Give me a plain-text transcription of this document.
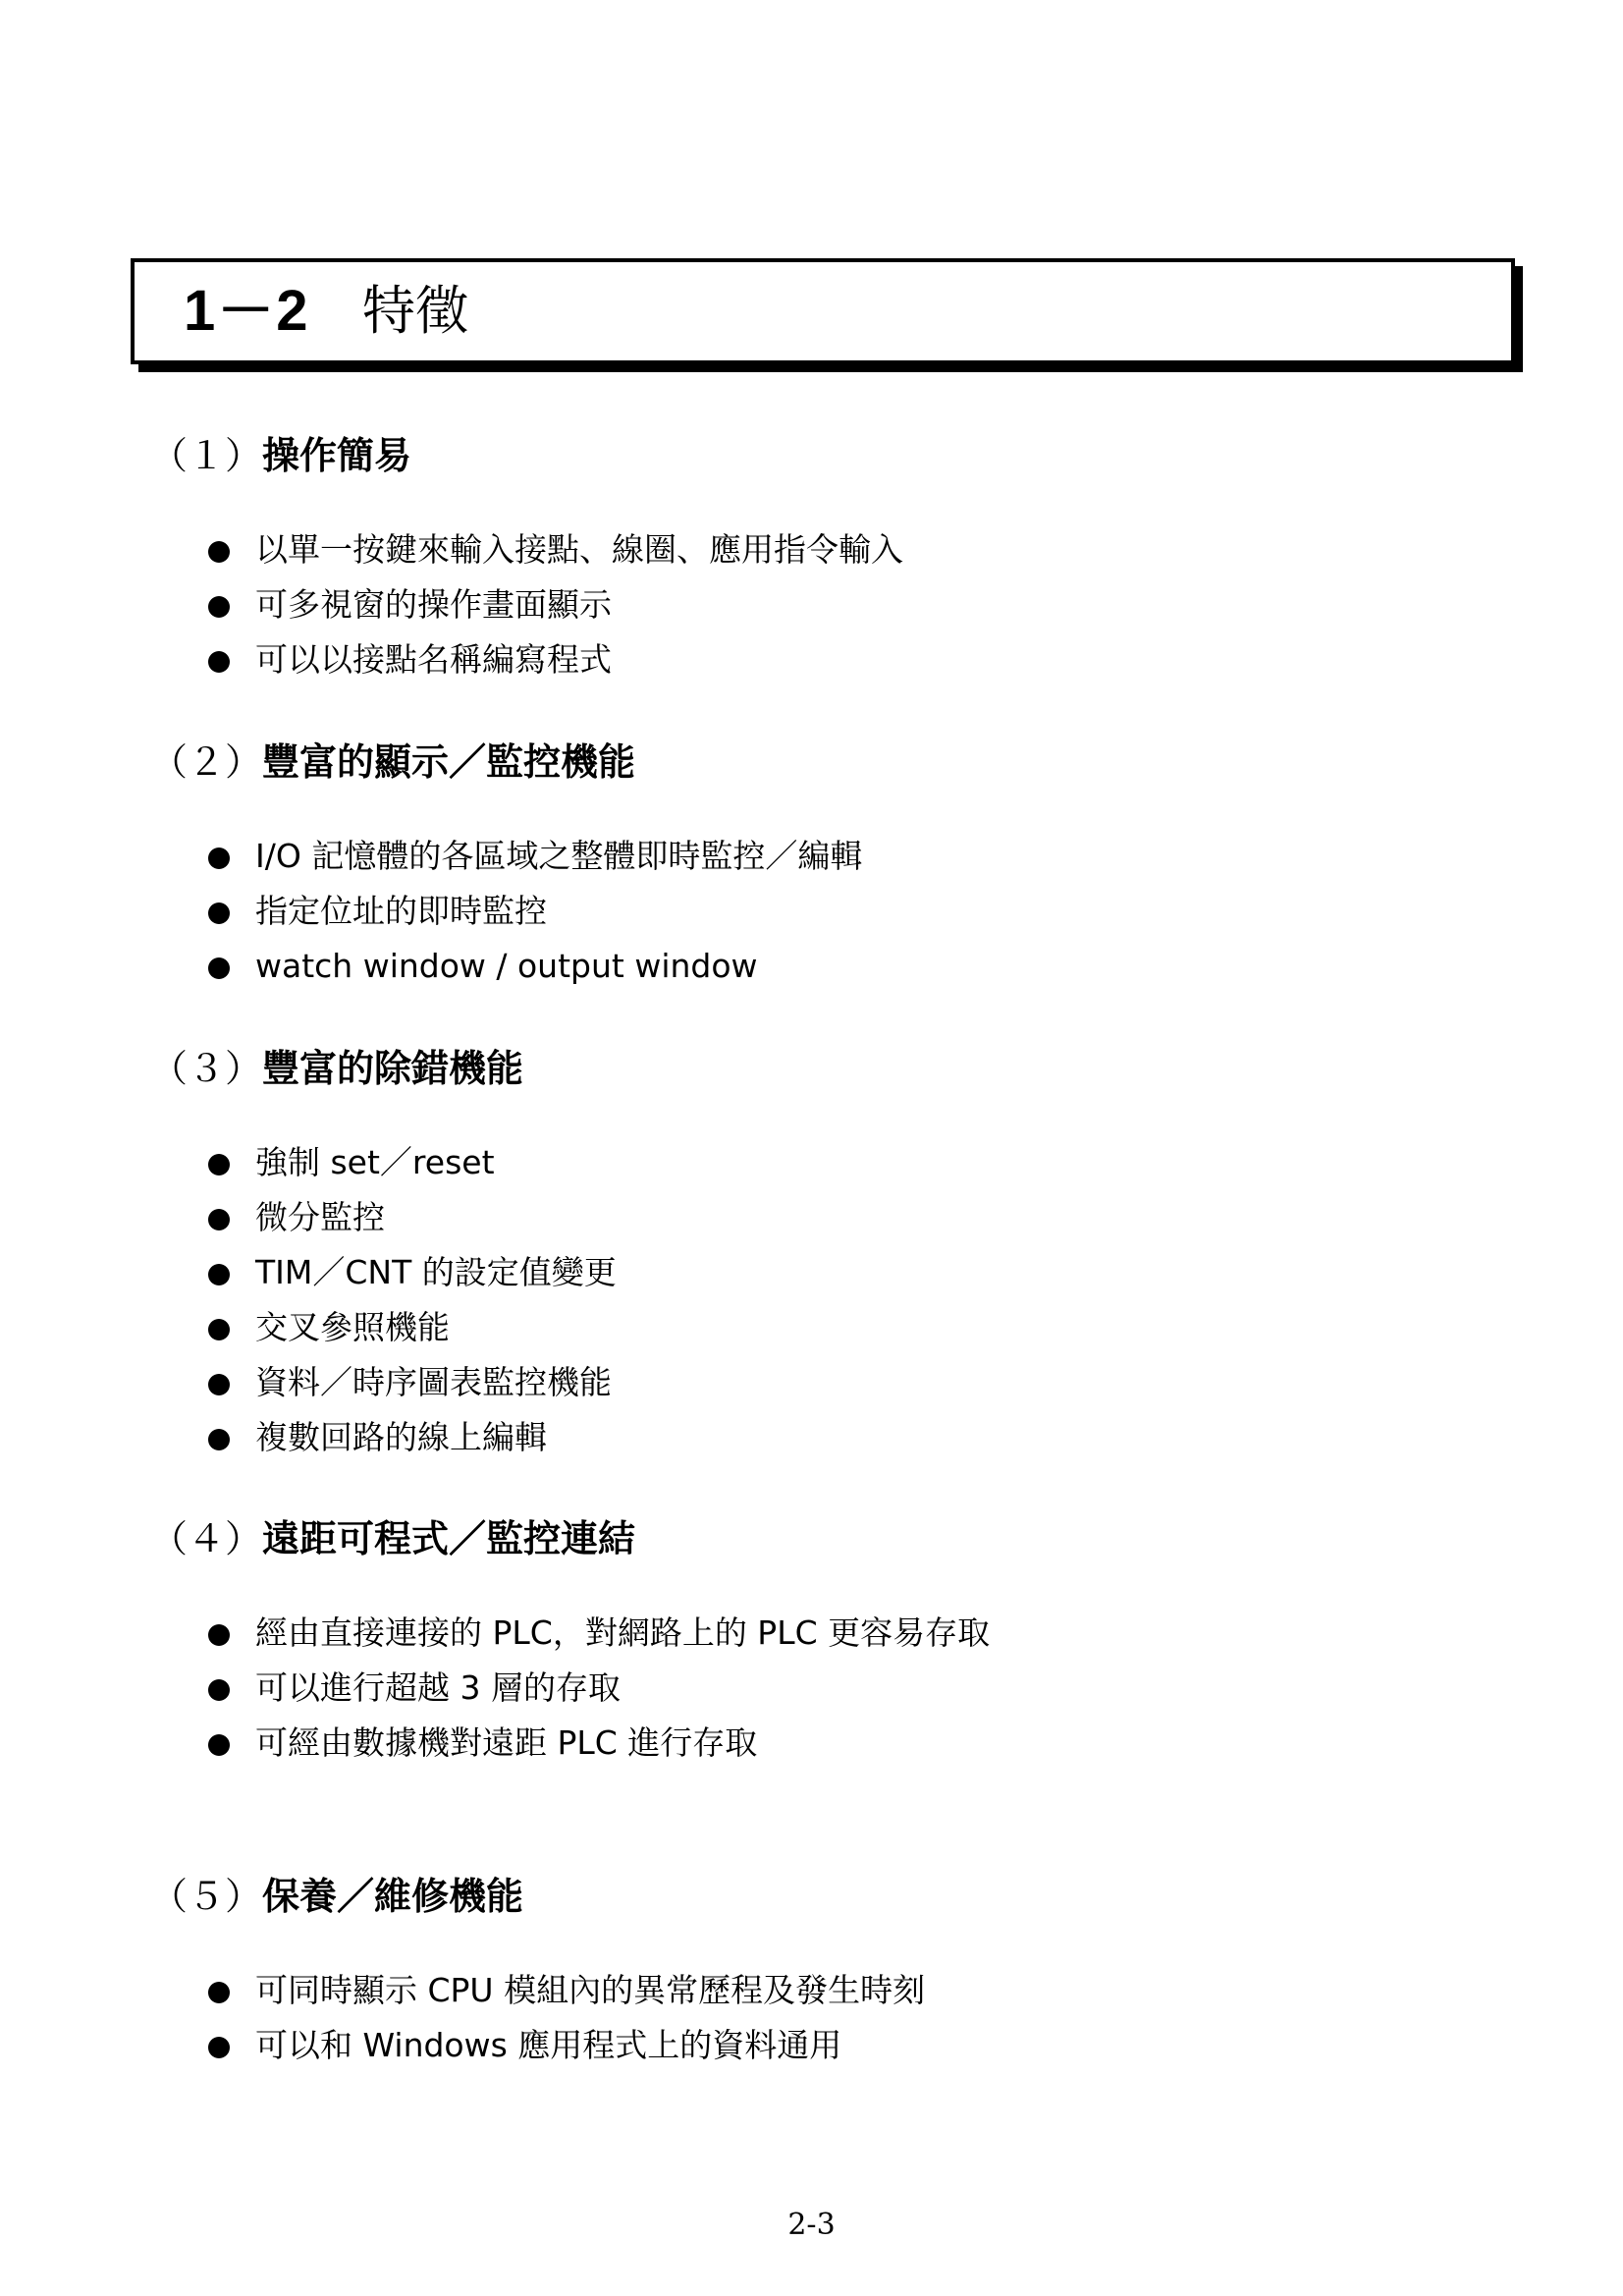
1－2 特徵
（１）操作簡易
以單一按鍵來輸入接點、線圈、應用指令輸入
可多視窗的操作畫面顯示
可以以接點名稱編寫程式
（２）豐富的顯示／監控機能
I/O 記憶體的各區域之整體即時監控／編輯
指定位址的即時監控
watch window / output window
（３）豐富的除錯機能
強制 set／reset
微分監控
TIM／CNT 的設定值變更
交叉參照機能
資料／時序圖表監控機能
複數回路的線上編輯
（４）遠距可程式／監控連結
經由直接連接的 PLC，對網路上的 PLC 更容易存取
可以進行超越 3 層的存取
可經由數據機對遠距 PLC 進行存取
（５）保養／維修機能
可同時顯示 CPU 模組內的異常歷程及發生時刻
可以和 Windows 應用程式上的資料通用
2-3
